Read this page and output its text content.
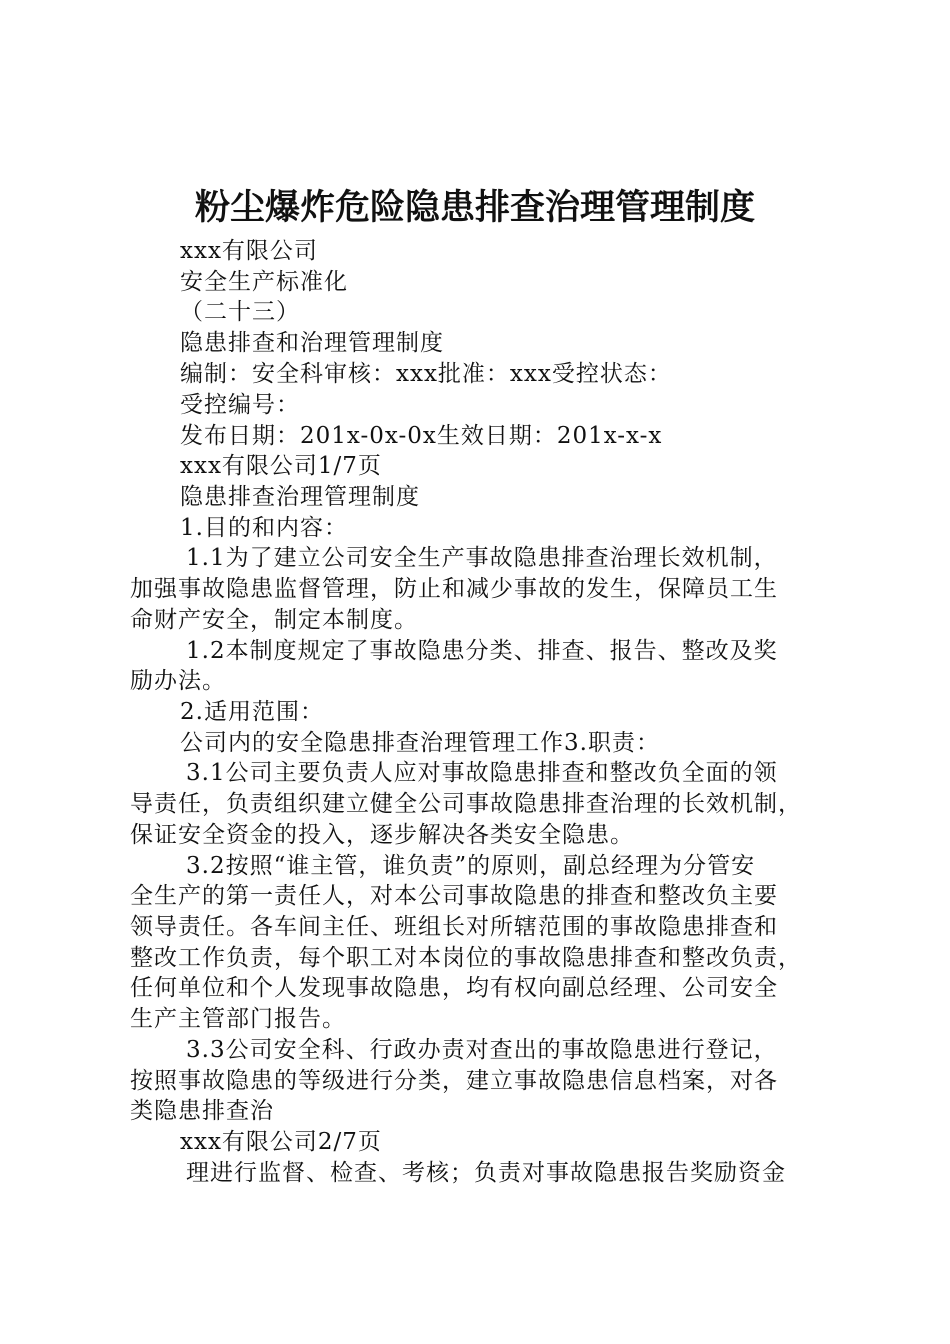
粉尘爆炸危险隐患排查治理管理制度
xxx有限公司
安全生产标准化
（二十三）
隐患排查和治理管理制度
编制：安全科审核：xxx批准：xxx受控状态：
受控编号：
发布日期：201x-0x-0x生效日期：201x-x-x
xxx有限公司1/7页
隐患排查治理管理制度
1.目的和内容：
1.1为了建立公司安全生产事故隐患排查治理长效机制，
加强事故隐患监督管理，防止和减少事故的发生，保障员工生
命财产安全，制定本制度。
1.2本制度规定了事故隐患分类、排查、报告、整改及奖
励办法。
2.适用范围：
公司内的安全隐患排查治理管理工作3.职责：
3.1公司主要负责人应对事故隐患排查和整改负全面的领
导责任，负责组织建立健全公司事故隐患排查治理的长效机制，
保证安全资金的投入，逐步解决各类安全隐患。
3.2按照“谁主管，谁负责”的原则，副总经理为分管安
全生产的第一责任人，对本公司事故隐患的排查和整改负主要
领导责任。各车间主任、班组长对所辖范围的事故隐患排查和
整改工作负责，每个职工对本岗位的事故隐患排查和整改负责，
任何单位和个人发现事故隐患，均有权向副总经理、公司安全
生产主管部门报告。
3.3公司安全科、行政办责对查出的事故隐患进行登记，
按照事故隐患的等级进行分类，建立事故隐患信息档案，对各
类隐患排查治
xxx有限公司2/7页
理进行监督、检查、考核；负责对事故隐患报告奖励资金
